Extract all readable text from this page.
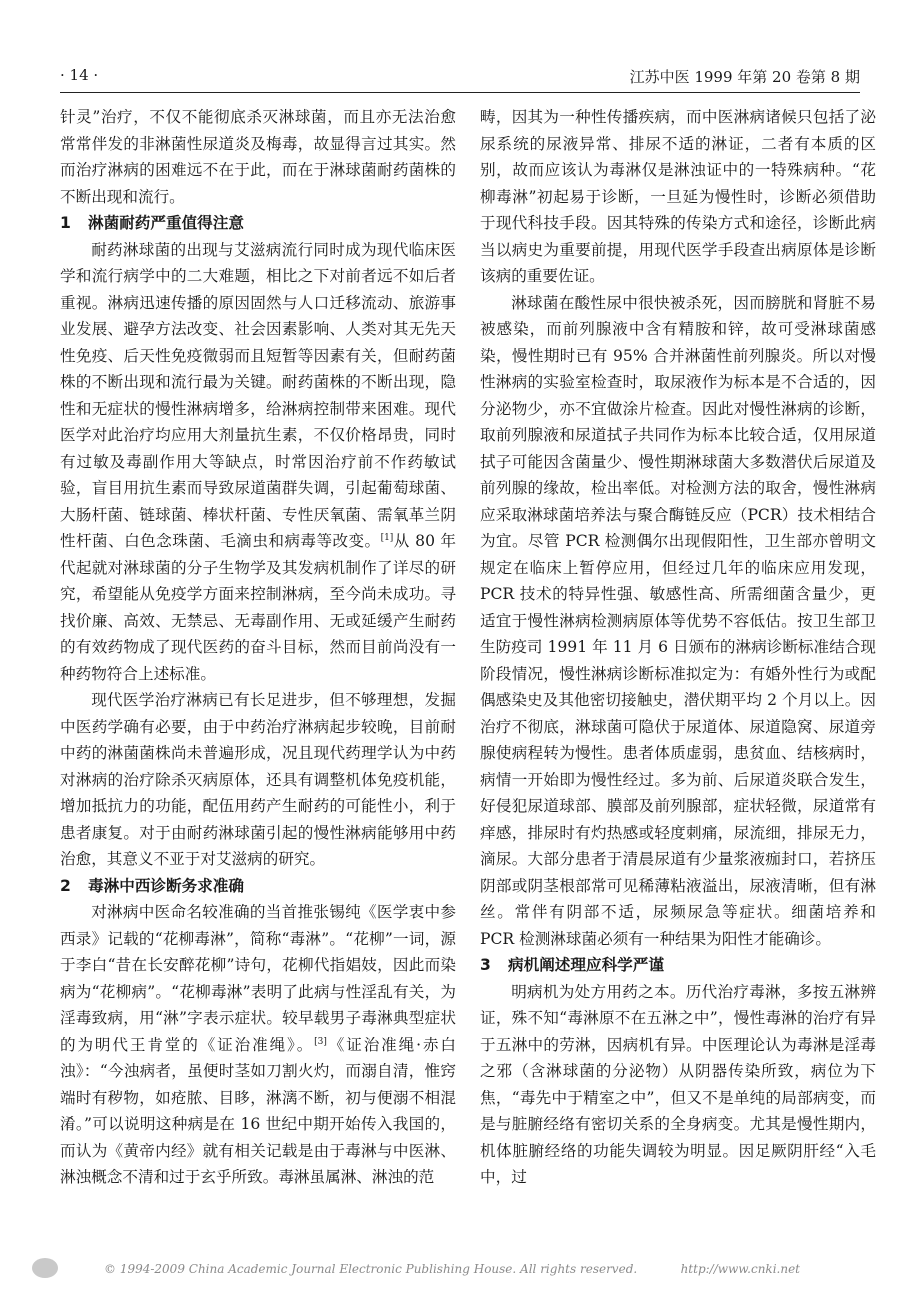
· 14 ·	江苏中医 1999 年第 20 卷第 8 期

针灵”治疗，不仅不能彻底杀灭淋球菌，而且亦无法治愈常常伴发的非淋菌性尿道炎及梅毒，故显得言过其实。然而治疗淋病的困难远不在于此，而在于淋球菌耐药菌株的不断出现和流行。

1 淋菌耐药严重值得注意

耐药淋球菌的出现与艾滋病流行同时成为现代临床医学和流行病学中的二大难题，相比之下对前者远不如后者重视。淋病迅速传播的原因固然与人口迁移流动、旅游事业发展、避孕方法改变、社会因素影响、人类对其无先天性免疫、后天性免疫微弱而且短暂等因素有关，但耐药菌株的不断出现和流行最为关键。耐药菌株的不断出现，隐性和无症状的慢性淋病增多，给淋病控制带来困难。现代医学对此治疗均应用大剂量抗生素，不仅价格昂贵，同时有过敏及毒副作用大等缺点，时常因治疗前不作药敏试验，盲目用抗生素而导致尿道菌群失调，引起葡萄球菌、大肠杆菌、链球菌、棒状杆菌、专性厌氧菌、需氧革兰阴性杆菌、白色念珠菌、毛滴虫和病毒等改变。[1]从 80 年代起就对淋球菌的分子生物学及其发病机制作了详尽的研究，希望能从免疫学方面来控制淋病，至今尚未成功。寻找价廉、高效、无禁忌、无毒副作用、无或延缓产生耐药的有效药物成了现代医药的奋斗目标，然而目前尚没有一种药物符合上述标准。

现代医学治疗淋病已有长足进步，但不够理想，发掘中医药学确有必要，由于中药治疗淋病起步较晚，目前耐中药的淋菌菌株尚未普遍形成，况且现代药理学认为中药对淋病的治疗除杀灭病原体，还具有调整机体免疫机能，增加抵抗力的功能，配伍用药产生耐药的可能性小，利于患者康复。对于由耐药淋球菌引起的慢性淋病能够用中药治愈，其意义不亚于对艾滋病的研究。

2 毒淋中西诊断务求准确

对淋病中医命名较准确的当首推张锡纯《医学衷中参西录》记载的“花柳毒淋”，简称“毒淋”。“花柳”一词，源于李白“昔在长安醉花柳”诗句，花柳代指娼妓，因此而染病为“花柳病”。“花柳毒淋”表明了此病与性淫乱有关，为淫毒致病，用“淋”字表示症状。较早载男子毒淋典型症状的为明代王肯堂的《证治准绳》。[3]《证治准绳·赤白浊》：“今浊病者，虽便时茎如刀割火灼，而溺自清，惟窍端时有秽物，如疮脓、目眵，淋漓不断，初与便溺不相混淆。”可以说明这种病是在 16 世纪中期开始传入我国的，而认为《黄帝内经》就有相关记载是由于毒淋与中医淋、淋浊概念不清和过于玄乎所致。毒淋虽属淋、淋浊的范

畴，因其为一种性传播疾病，而中医淋病诸候只包括了泌尿系统的尿液异常、排尿不适的淋证，二者有本质的区别，故而应该认为毒淋仅是淋浊证中的一特殊病种。“花柳毒淋”初起易于诊断，一旦延为慢性时，诊断必须借助于现代科技手段。因其特殊的传染方式和途径，诊断此病当以病史为重要前提，用现代医学手段查出病原体是诊断该病的重要佐证。

淋球菌在酸性尿中很快被杀死，因而膀胱和肾脏不易被感染，而前列腺液中含有精胺和锌，故可受淋球菌感染，慢性期时已有 95% 合并淋菌性前列腺炎。所以对慢性淋病的实验室检查时，取尿液作为标本是不合适的，因分泌物少，亦不宜做涂片检查。因此对慢性淋病的诊断，取前列腺液和尿道拭子共同作为标本比较合适，仅用尿道拭子可能因含菌量少、慢性期淋球菌大多数潜伏后尿道及前列腺的缘故，检出率低。对检测方法的取舍，慢性淋病应采取淋球菌培养法与聚合酶链反应（PCR）技术相结合为宜。尽管 PCR 检测偶尔出现假阳性，卫生部亦曾明文规定在临床上暂停应用，但经过几年的临床应用发现，PCR 技术的特异性强、敏感性高、所需细菌含量少，更适宜于慢性淋病检测病原体等优势不容低估。按卫生部卫生防疫司 1991 年 11 月 6 日颁布的淋病诊断标准结合现阶段情况，慢性淋病诊断标准拟定为：有婚外性行为或配偶感染史及其他密切接触史，潜伏期平均 2 个月以上。因治疗不彻底，淋球菌可隐伏于尿道体、尿道隐窝、尿道旁腺使病程转为慢性。患者体质虚弱，患贫血、结核病时，病情一开始即为慢性经过。多为前、后尿道炎联合发生，好侵犯尿道球部、膜部及前列腺部，症状轻微，尿道常有痒感，排尿时有灼热感或轻度刺痛，尿流细，排尿无力，滴尿。大部分患者于清晨尿道有少量浆液痂封口，若挤压阴部或阴茎根部常可见稀薄粘液溢出，尿液清晰，但有淋丝。常伴有阴部不适，尿频尿急等症状。细菌培养和 PCR 检测淋球菌必须有一种结果为阳性才能确诊。

3 病机阐述理应科学严谨

明病机为处方用药之本。历代治疗毒淋，多按五淋辨证，殊不知“毒淋原不在五淋之中”，慢性毒淋的治疗有异于五淋中的劳淋，因病机有异。中医理论认为毒淋是淫毒之邪（含淋球菌的分泌物）从阴器传染所致，病位为下焦，“毒先中于精室之中”，但又不是单纯的局部病变，而是与脏腑经络有密切关系的全身病变。尤其是慢性期内，机体脏腑经络的功能失调较为明显。因足厥阴肝经“入毛中，过

© 1994-2009 China Academic Journal Electronic Publishing House. All rights reserved.	http://www.cnki.net
